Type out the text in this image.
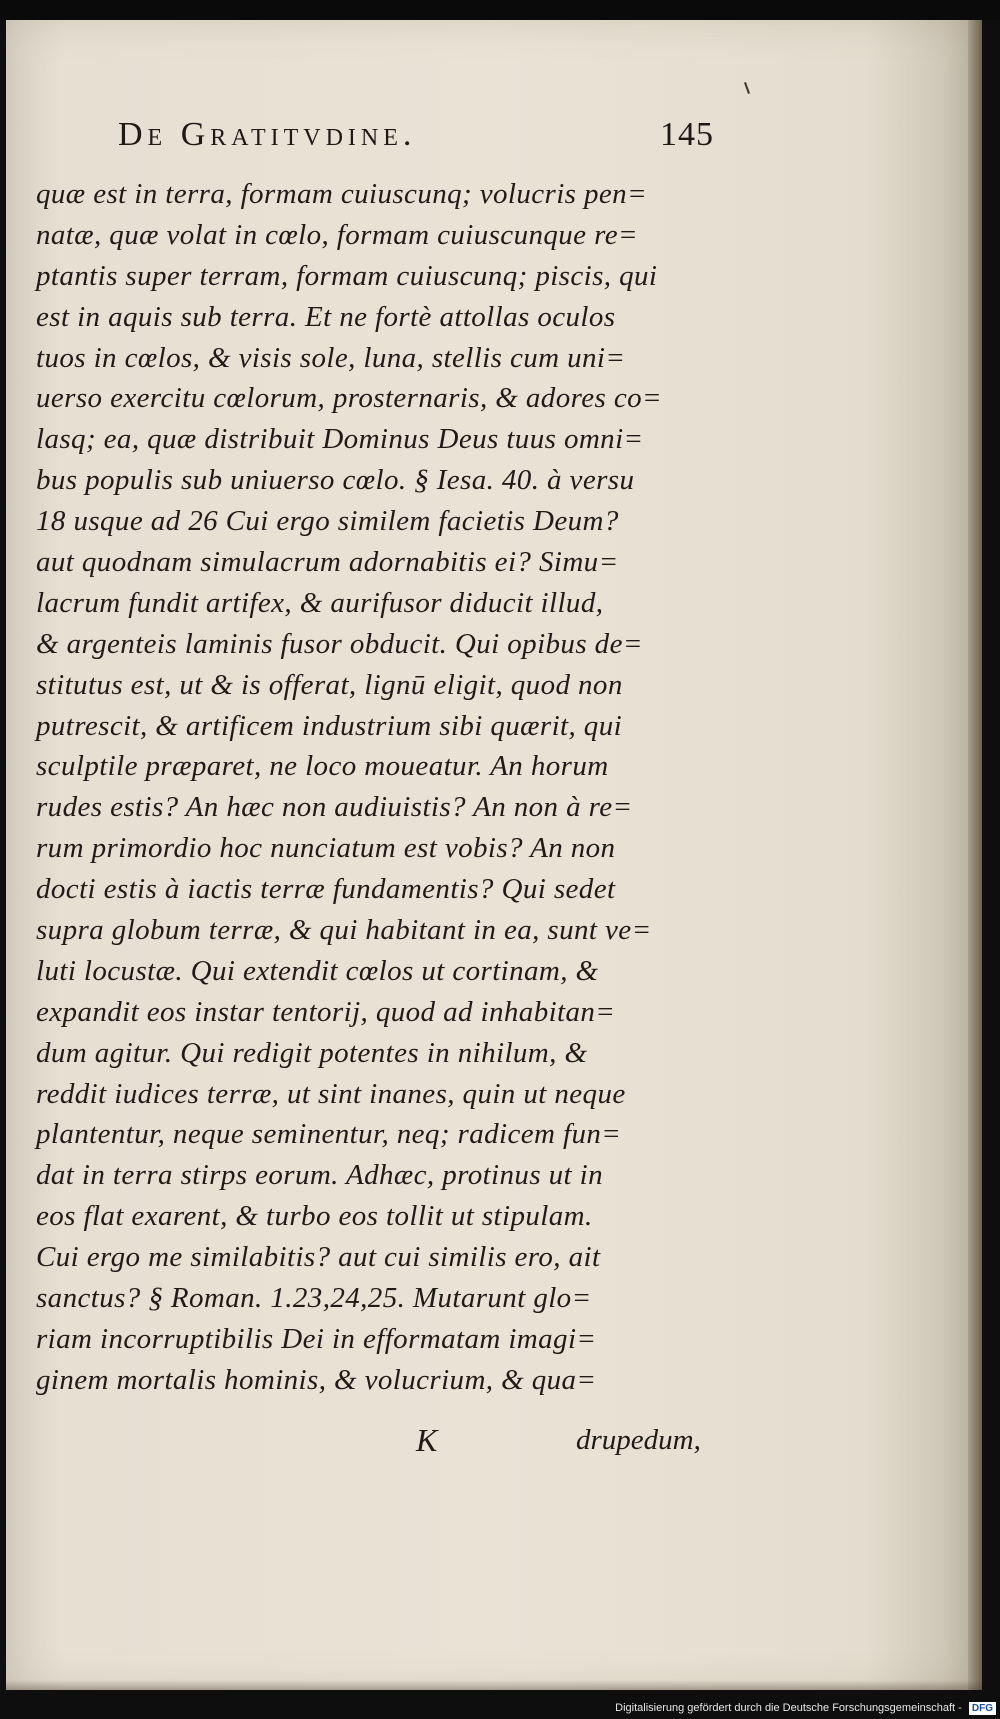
De Gratitvdine.	145
quæ est in terra, formam cuiuscunq; volucris pen=
natæ, quæ volat in cœlo, formam cuiuscunque re=
ptantis super terram, formam cuiuscunq; piscis, qui
est in aquis sub terra. Et ne fortè attollas oculos
tuos in cœlos, & visis sole, luna, stellis cum uni=
uerso exercitu cœlorum, prosternaris, & adores co=
lasq; ea, quæ distribuit Dominus Deus tuus omni=
bus populis sub uniuerso cœlo. § Iesa. 40. à versu
18 usque ad 26 Cui ergo similem facietis Deum?
aut quodnam simulacrum adornabitis ei? Simu=
lacrum fundit artifex, & aurifusor diducit illud,
& argenteis laminis fusor obducit. Qui opibus de=
stitutus est, ut & is offerat, lignū eligit, quod non
putrescit, & artificem industrium sibi quærit, qui
sculptile præparet, ne loco moueatur. An horum
rudes estis? An hæc non audiuistis? An non à re=
rum primordio hoc nunciatum est vobis? An non
docti estis à iactis terræ fundamentis? Qui sedet
supra globum terræ, & qui habitant in ea, sunt ve=
luti locustæ. Qui extendit cœlos ut cortinam, &
expandit eos instar tentorij, quod ad inhabitan=
dum agitur. Qui redigit potentes in nihilum, &
reddit iudices terræ, ut sint inanes, quin ut neque
plantentur, neque seminentur, neq; radicem fun=
dat in terra stirps eorum. Adhæc, protinus ut in
eos flat exarent, & turbo eos tollit ut stipulam.
Cui ergo me similabitis? aut cui similis ero, ait
sanctus? § Roman. 1.23,24,25. Mutarunt glo=
riam incorruptibilis Dei in efformatam imagi=
ginem mortalis hominis, & volucrium, & qua=
K	drupedum,
Digitalisierung gefördert durch die Deutsche Forschungsgemeinschaft - DFG
